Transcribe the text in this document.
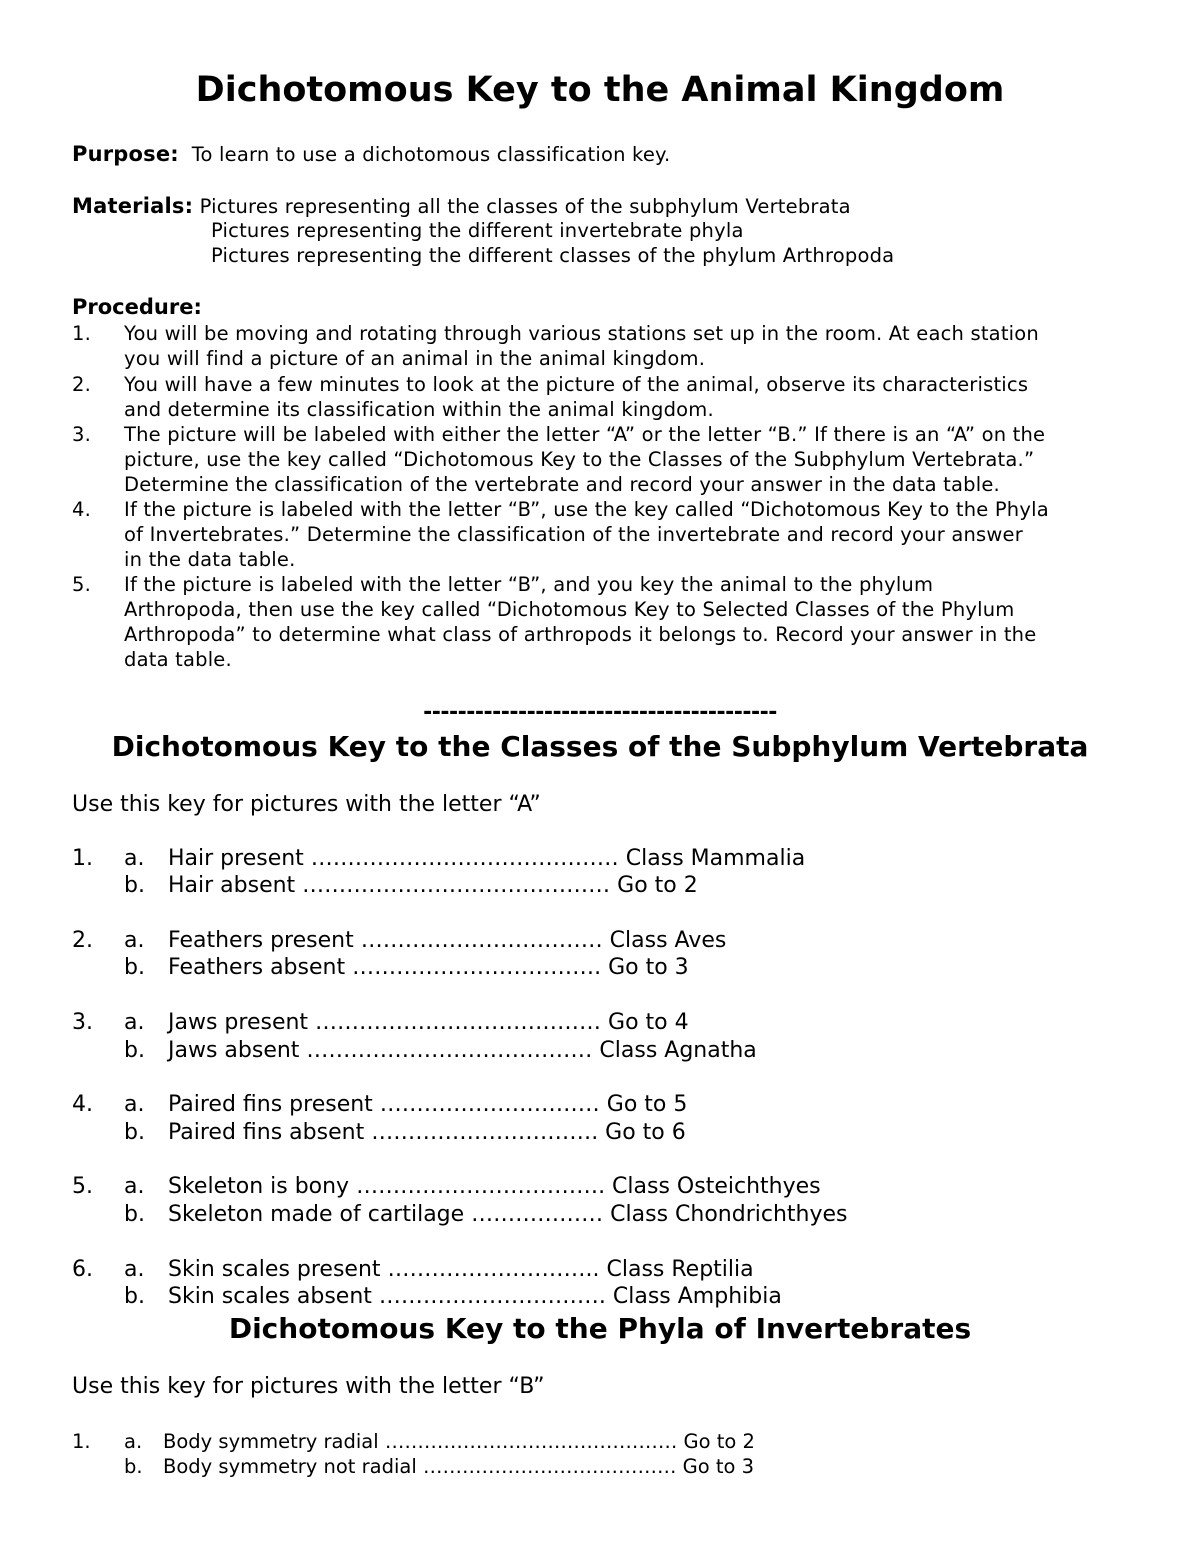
Dichotomous Key to the Animal Kingdom
Purpose: To learn to use a dichotomous classification key.
Materials: Pictures representing all the classes of the subphylum Vertebrata
Pictures representing the different invertebrate phyla
Pictures representing the different classes of the phylum Arthropoda
Procedure:
1. You will be moving and rotating through various stations set up in the room. At each station
you will find a picture of an animal in the animal kingdom.
2. You will have a few minutes to look at the picture of the animal, observe its characteristics
and determine its classification within the animal kingdom.
3. The picture will be labeled with either the letter “A” or the letter “B.” If there is an “A” on the
picture, use the key called “Dichotomous Key to the Classes of the Subphylum Vertebrata.”
Determine the classification of the vertebrate and record your answer in the data table.
4. If the picture is labeled with the letter “B”, use the key called “Dichotomous Key to the Phyla
of Invertebrates.” Determine the classification of the invertebrate and record your answer
in the data table.
5. If the picture is labeled with the letter “B”, and you key the animal to the phylum
Arthropoda, then use the key called “Dichotomous Key to Selected Classes of the Phylum
Arthropoda” to determine what class of arthropods it belongs to. Record your answer in the
data table.
-----------------------------------------
Dichotomous Key to the Classes of the Subphylum Vertebrata
Use this key for pictures with the letter “A”
1. a. Hair present …………………………………… Class Mammalia
b. Hair absent …………………………………… Go to 2
2. a. Feathers present …………………………… Class Aves
b. Feathers absent ……………………………. Go to 3
3. a. Jaws present ………………………………… Go to 4
b. Jaws absent ………………………………… Class Agnatha
4. a. Paired fins present ………………………… Go to 5
b. Paired fins absent …………………………. Go to 6
5. a. Skeleton is bony ……………………………. Class Osteichthyes
b. Skeleton made of cartilage ……………… Class Chondrichthyes
6. a. Skin scales present ……………………….. Class Reptilia
b. Skin scales absent …………………………. Class Amphibia
Dichotomous Key to the Phyla of Invertebrates
Use this key for pictures with the letter “B”
1. a. Body symmetry radial ……………………………………… Go to 2
b. Body symmetry not radial ………………………………… Go to 3
